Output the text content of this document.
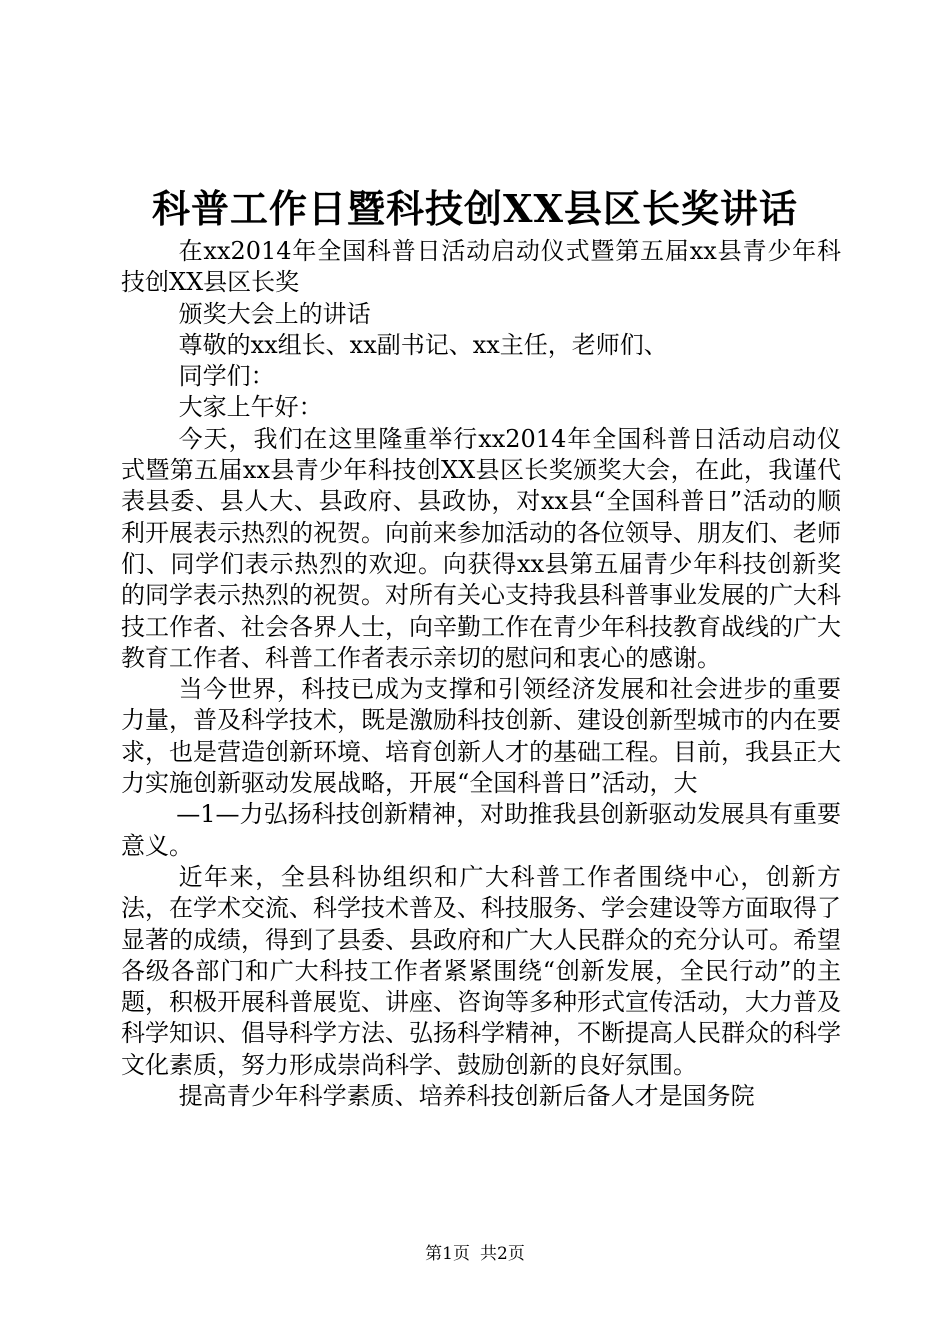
科普工作日暨科技创XX县区长奖讲话

在xx2014年全国科普日活动启动仪式暨第五届xx县青少年科技创XX县区长奖

颁奖大会上的讲话

尊敬的xx组长、xx副书记、xx主任，老师们、

同学们：

大家上午好：

今天，我们在这里隆重举行xx2014年全国科普日活动启动仪式暨第五届xx县青少年科技创XX县区长奖颁奖大会，在此，我谨代表县委、县人大、县政府、县政协，对xx县“全国科普日”活动的顺利开展表示热烈的祝贺。向前来参加活动的各位领导、朋友们、老师们、同学们表示热烈的欢迎。向获得xx县第五届青少年科技创新奖的同学表示热烈的祝贺。对所有关心支持我县科普事业发展的广大科技工作者、社会各界人士，向辛勤工作在青少年科技教育战线的广大教育工作者、科普工作者表示亲切的慰问和衷心的感谢。

当今世界，科技已成为支撑和引领经济发展和社会进步的重要力量，普及科学技术，既是激励科技创新、建设创新型城市的内在要求，也是营造创新环境、培育创新人才的基础工程。目前，我县正大力实施创新驱动发展战略，开展“全国科普日”活动，大

—1—力弘扬科技创新精神，对助推我县创新驱动发展具有重要意义。

近年来，全县科协组织和广大科普工作者围绕中心，创新方法，在学术交流、科学技术普及、科技服务、学会建设等方面取得了显著的成绩，得到了县委、县政府和广大人民群众的充分认可。希望各级各部门和广大科技工作者紧紧围绕“创新发展，全民行动”的主题，积极开展科普展览、讲座、咨询等多种形式宣传活动，大力普及科学知识、倡导科学方法、弘扬科学精神，不断提高人民群众的科学文化素质，努力形成崇尚科学、鼓励创新的良好氛围。

提高青少年科学素质、培养科技创新后备人才是国务院

第1页 共2页
